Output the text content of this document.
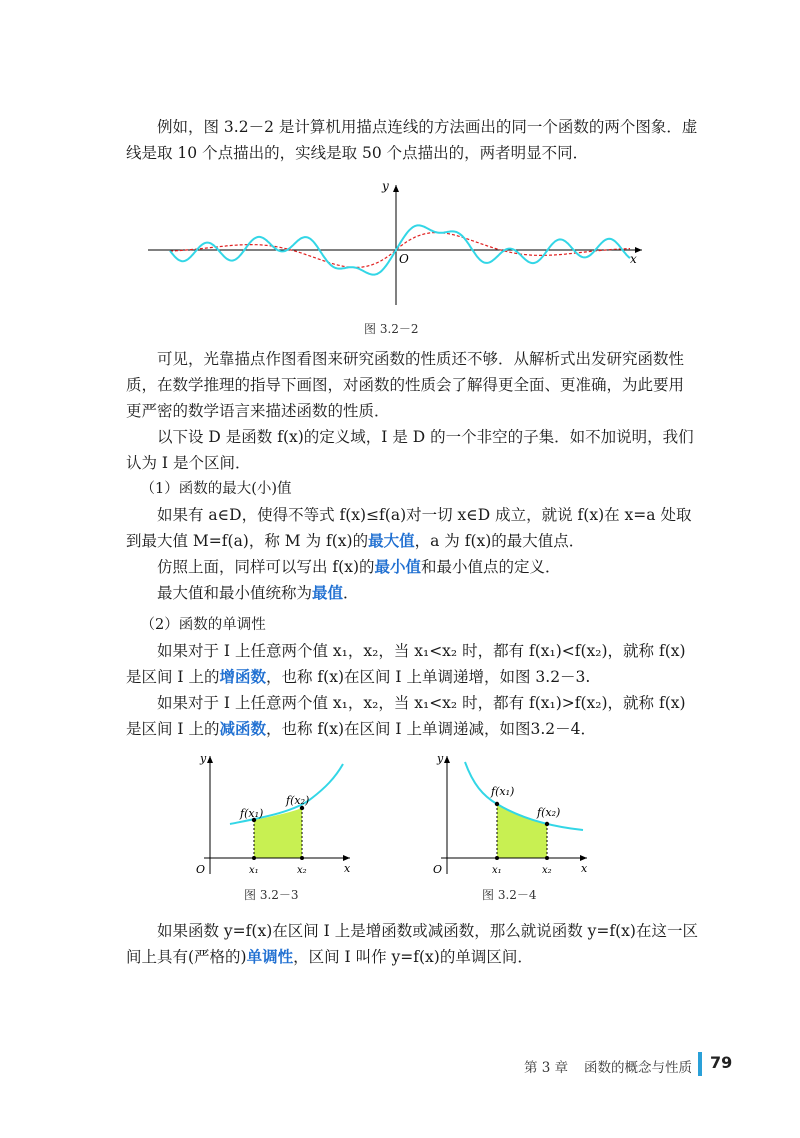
例如，图 3.2－2 是计算机用描点连线的方法画出的同一个函数的两个图象．虚线是取 10 个点描出的，实线是取 50 个点描出的，两者明显不同．

y
x
O
图 3.2－2

可见，光靠描点作图看图来研究函数的性质还不够．从解析式出发研究函数性质，在数学推理的指导下画图，对函数的性质会了解得更全面、更准确，为此要用更严密的数学语言来描述函数的性质．

以下设 D 是函数 f(x)的定义域，I 是 D 的一个非空的子集．如不加说明，我们认为 I 是个区间．

（1）函数的最大(小)值

如果有 a∈D，使得不等式 f(x)≤f(a)对一切 x∈D 成立，就说 f(x)在 x=a 处取到最大值 M=f(a)，称 M 为 f(x)的最大值，a 为 f(x)的最大值点．

仿照上面，同样可以写出 f(x)的最小值和最小值点的定义．

最大值和最小值统称为最值．

（2）函数的单调性

如果对于 I 上任意两个值 x₁，x₂，当 x₁<x₂ 时，都有 f(x₁)<f(x₂)，就称 f(x)是区间 I 上的增函数，也称 f(x)在区间 I 上单调递增，如图 3.2－3.

如果对于 I 上任意两个值 x₁，x₂，当 x₁<x₂ 时，都有 f(x₁)>f(x₂)，就称 f(x)是区间 I 上的减函数，也称 f(x)在区间 I 上单调递减，如图3.2－4．

y
x
O
f(x₁)
f(x₂)
x₁	x₂
图 3.2－3
y
x
O
f(x₁)
f(x₂)
x₁	x₂
图 3.2－4

如果函数 y=f(x)在区间 I 上是增函数或减函数，那么就说函数 y=f(x)在这一区间上具有(严格的)单调性，区间 I 叫作 y=f(x)的单调区间．

第 3 章 函数的概念与性质 79
